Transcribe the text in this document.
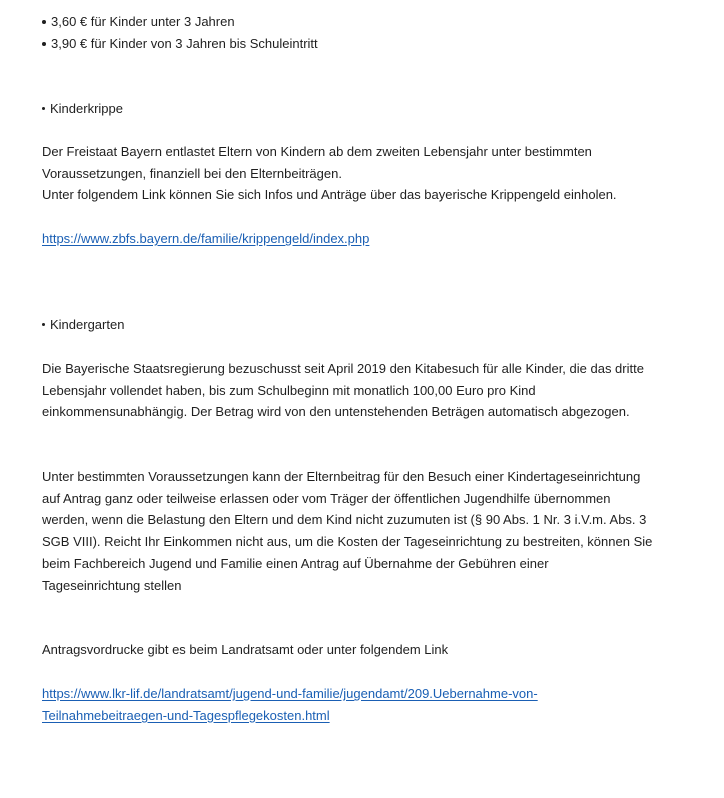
3,60 € für Kinder unter 3 Jahren
3,90 € für Kinder von 3 Jahren bis Schuleintritt
Kinderkrippe
Der Freistaat Bayern entlastet Eltern von Kindern ab dem zweiten Lebensjahr unter bestimmten
Voraussetzungen, finanziell bei den Elternbeiträgen.
Unter folgendem Link können Sie sich Infos und Anträge über das bayerische Krippengeld einholen.
https://www.zbfs.bayern.de/familie/krippengeld/index.php
Kindergarten
Die Bayerische Staatsregierung bezuschusst seit April 2019 den Kitabesuch für alle Kinder, die das dritte
Lebensjahr vollendet haben, bis zum Schulbeginn mit monatlich 100,00 Euro pro Kind
einkommensunabhängig. Der Betrag wird von den untenstehenden Beträgen automatisch abgezogen.
Unter bestimmten Voraussetzungen kann der Elternbeitrag für den Besuch einer Kindertageseinrichtung
auf Antrag ganz oder teilweise erlassen oder vom Träger der öffentlichen Jugendhilfe übernommen
werden, wenn die Belastung den Eltern und dem Kind nicht zuzumuten ist (§ 90 Abs. 1 Nr. 3 i.V.m. Abs. 3
SGB VIII). Reicht Ihr Einkommen nicht aus, um die Kosten der Tageseinrichtung zu bestreiten, können Sie
beim Fachbereich Jugend und Familie einen Antrag auf Übernahme der Gebühren einer
Tageseinrichtung stellen
Antragsvordrucke gibt es beim Landratsamt oder unter folgendem Link
https://www.lkr-lif.de/landratsamt/jugend-und-familie/jugendamt/209.Uebernahme-von-
Teilnahmebeitraegen-und-Tagespflegekosten.html
